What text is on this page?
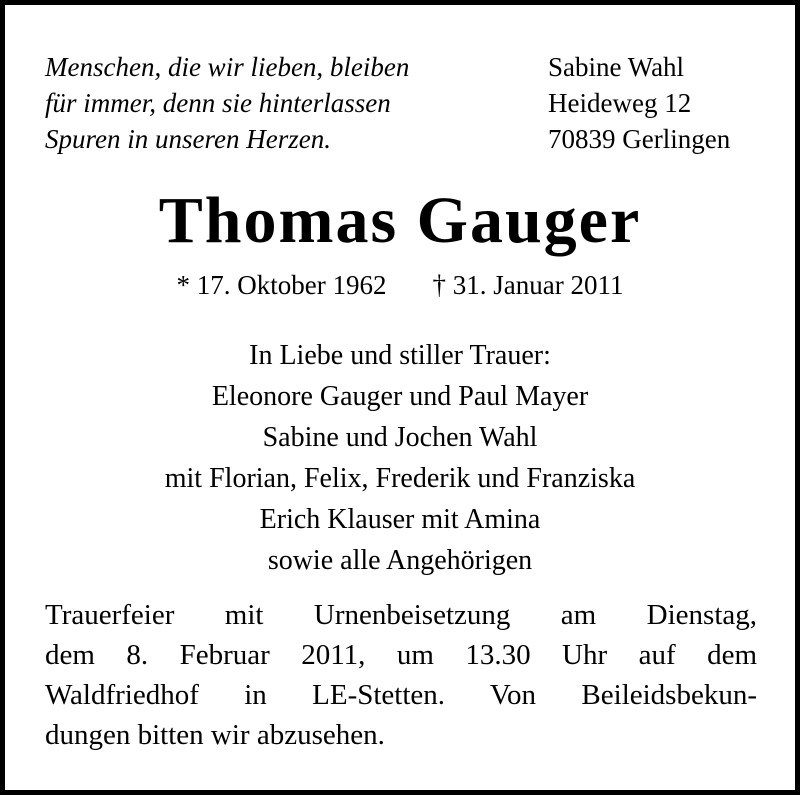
Menschen, die wir lieben, bleiben
für immer, denn sie hinterlassen
Spuren in unseren Herzen.
Sabine Wahl
Heideweg 12
70839 Gerlingen
Thomas Gauger
* 17. Oktober 1962 † 31. Januar 2011
In Liebe und stiller Trauer:
Eleonore Gauger und Paul Mayer
Sabine und Jochen Wahl
mit Florian, Felix, Frederik und Franziska
Erich Klauser mit Amina
sowie alle Angehörigen
Trauerfeier mit Urnenbeisetzung am Dienstag,
dem 8. Februar 2011, um 13.30 Uhr auf dem
Waldfriedhof in LE-Stetten. Von Beileidsbekun-
dungen bitten wir abzusehen.
